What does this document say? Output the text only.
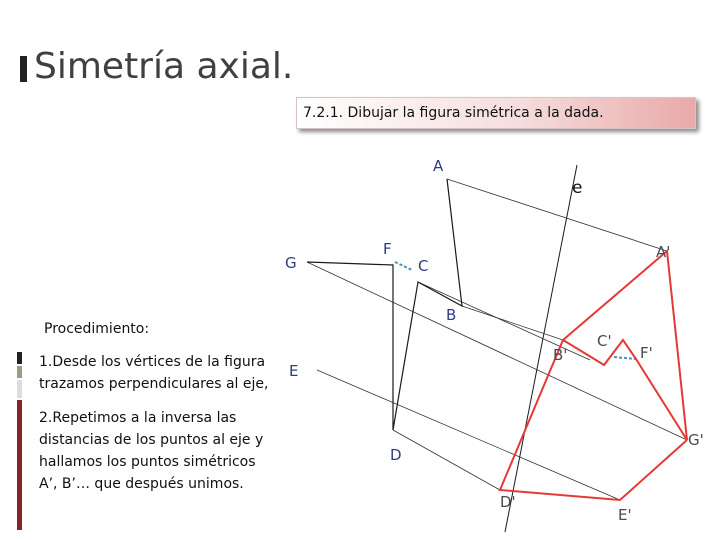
Simetría axial.
7.2.1. Dibujar la figura simétrica a la dada.
Procedimiento:
1.Desde los vértices de la figura
trazamos perpendiculares al eje,
2.Repetimos a la inversa las
distancias de los puntos al eje y
hallamos los puntos simétricos
A’, B’… que después unimos.
A
B
C
D
E
F
G
e
A'
B'
C'
D'
E'
F'
G'
